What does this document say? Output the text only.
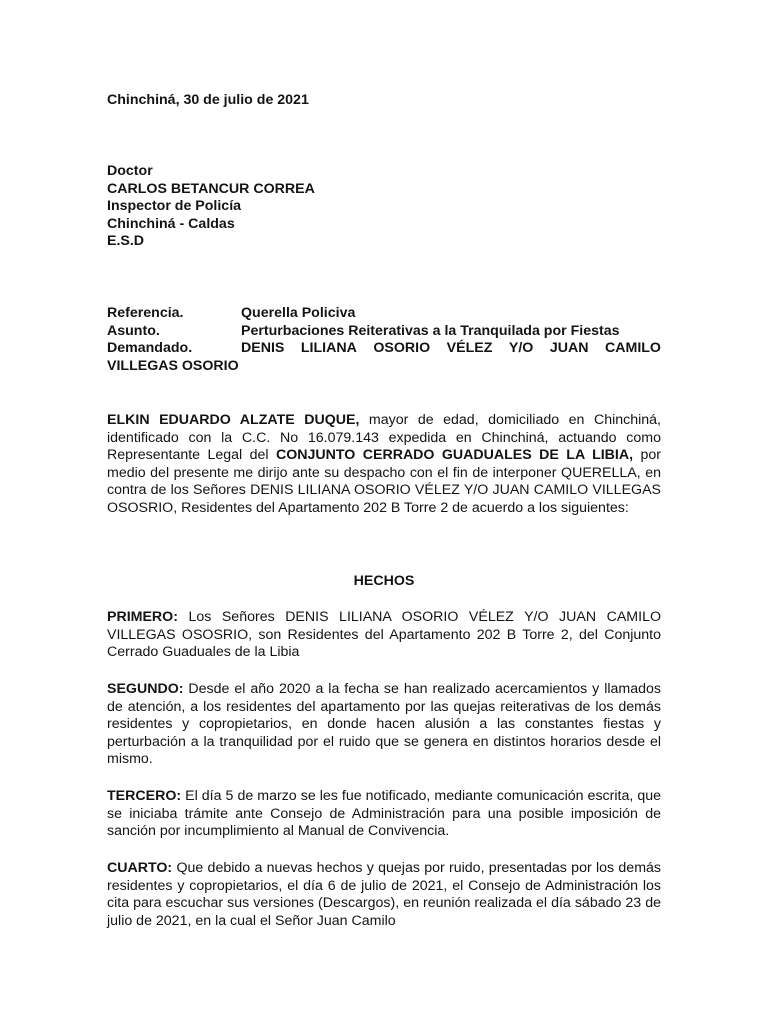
Chinchiná, 30 de julio de 2021
Doctor
CARLOS BETANCUR CORREA
Inspector de Policía
Chinchiná - Caldas
E.S.D
Referencia.	Querella Policiva
Asunto.	Perturbaciones Reiterativas a la Tranquilada por Fiestas
Demandado.	DENIS LILIANA OSORIO VÉLEZ Y/O JUAN CAMILO
VILLEGAS OSORIO
ELKIN EDUARDO ALZATE DUQUE, mayor de edad, domiciliado en Chinchiná, identificado con la C.C. No 16.079.143 expedida en Chinchiná, actuando como Representante Legal del CONJUNTO CERRADO GUADUALES DE LA LIBIA, por medio del presente me dirijo ante su despacho con el fin de interponer QUERELLA, en contra de los Señores DENIS LILIANA OSORIO VÉLEZ Y/O JUAN CAMILO VILLEGAS OSOSRIO, Residentes del Apartamento 202 B Torre 2 de acuerdo a los siguientes:
HECHOS
PRIMERO: Los Señores DENIS LILIANA OSORIO VÉLEZ Y/O JUAN CAMILO VILLEGAS OSOSRIO, son Residentes del Apartamento 202 B Torre 2, del Conjunto Cerrado Guaduales de la Libia
SEGUNDO: Desde el año 2020 a la fecha se han realizado acercamientos y llamados de atención, a los residentes del apartamento por las quejas reiterativas de los demás residentes y copropietarios, en donde hacen alusión a las constantes fiestas y perturbación a la tranquilidad por el ruido que se genera en distintos horarios desde el mismo.
TERCERO: El día 5 de marzo se les fue notificado, mediante comunicación escrita, que se iniciaba trámite ante Consejo de Administración para una posible imposición de sanción por incumplimiento al Manual de Convivencia.
CUARTO: Que debido a nuevas hechos y quejas por ruido, presentadas por los demás residentes y copropietarios, el día 6 de julio de 2021, el Consejo de Administración los cita para escuchar sus versiones (Descargos), en reunión realizada el día sábado 23 de julio de 2021, en la cual el Señor Juan Camilo
